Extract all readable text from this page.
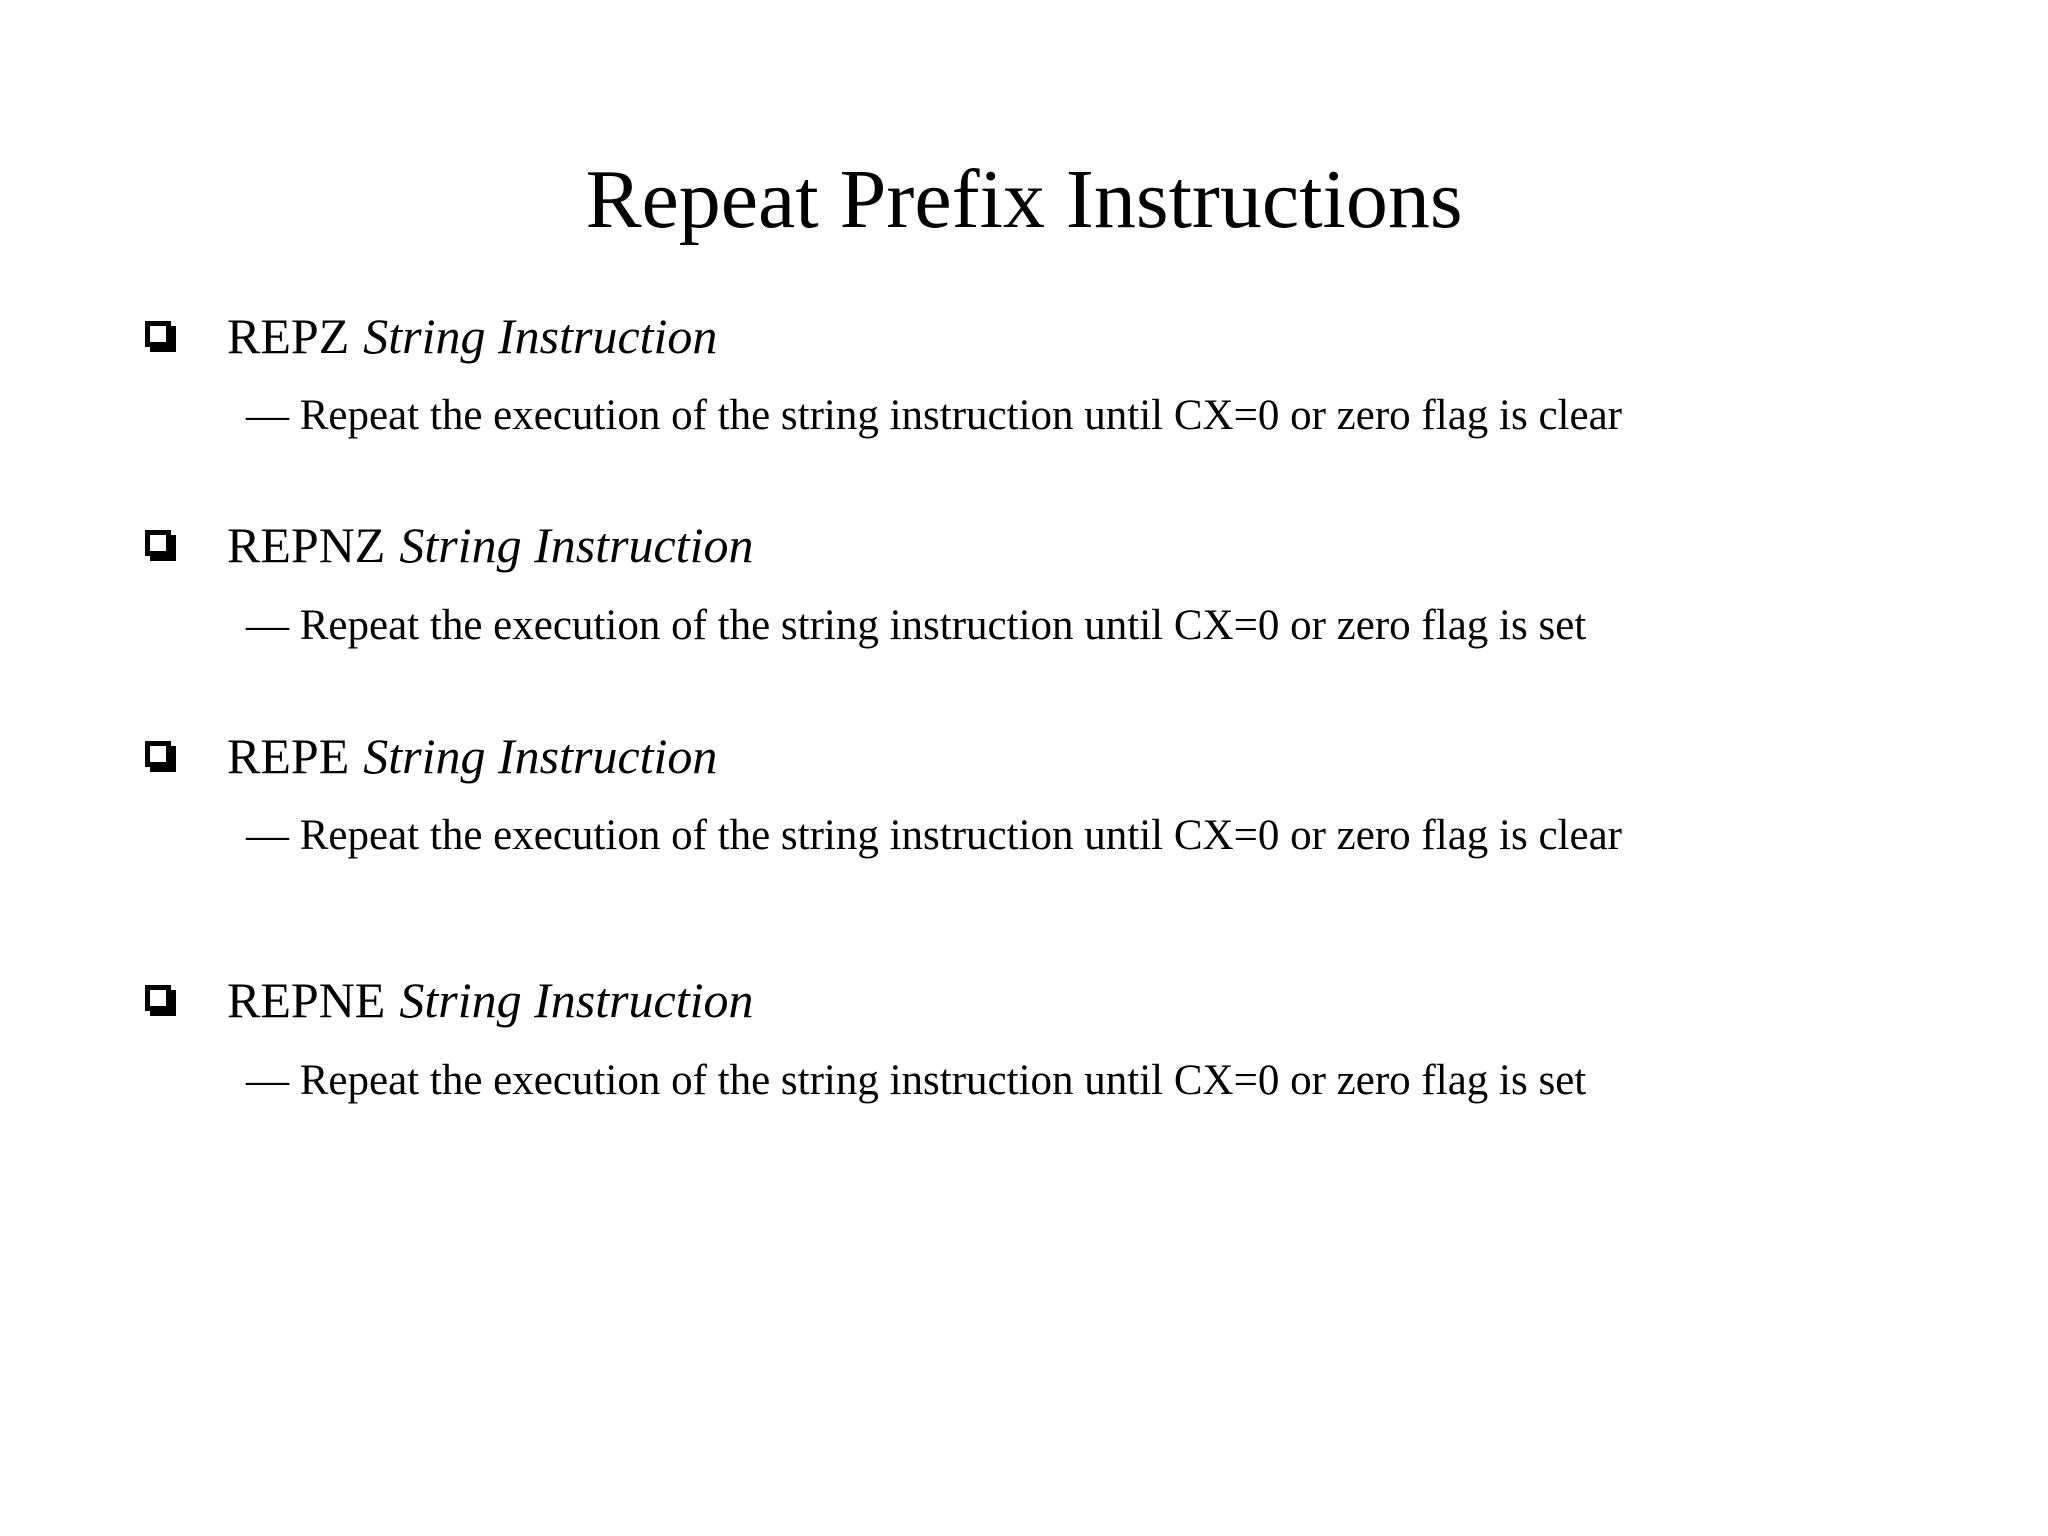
Repeat Prefix Instructions
REPZ String Instruction
— Repeat the execution of the string instruction until CX=0 or zero flag is clear
REPNZ String Instruction
— Repeat the execution of the string instruction until CX=0 or zero flag is set
REPE String Instruction
— Repeat the execution of the string instruction until CX=0 or zero flag is clear
REPNE String Instruction
— Repeat the execution of the string instruction until CX=0 or zero flag is set
